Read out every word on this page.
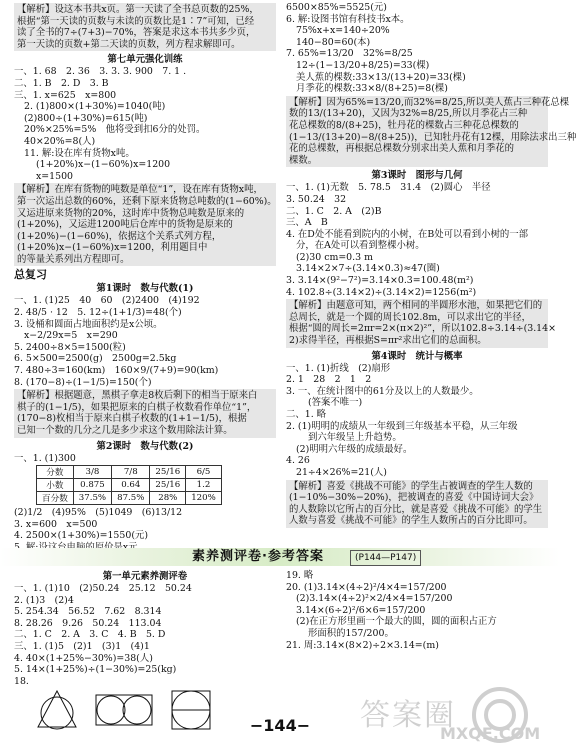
【解析】设这本书共x页。第一天读了全书总页数的25%，
根据“第一天读的页数与未读的页数比是1∶7”可知，已经
读了全书的7÷(7+3)−70%，答案是求这本书共多少页，
第一天读的页数+第二天读的页数，列方程求解即可。
第七单元强化训练
一、1. 68　2. 36　3. 3. 3. 900　7. 1 .
二、1. B　2. D　3. B
三、1. x=625　x=800
2. (1)800×(1+30%)=1040(吨)
(2)800÷(1+30%)=615(吨)
20%×25%=5%　他将受到扣6分的处罚。
40×20%=8(人)
11. 解:设在库有货物x吨。
(1+20%)x−(1−60%)x=1200
x=1500
【解析】在库有货物的吨数是单位“1”，设在库有货物x吨，
第一次运出总数的60%，还剩下原来货物总吨数的(1−60%)。
又运进原来货物的20%，这时库中货物总吨数是原来的
(1+20%)，又运进1200吨后仓库中的货物是原来的
(1+20%)−(1−60%)，依据这个关系式列方程，
(1+20%)x−(1−60%)x=1200，利用题目中
的等量关系列出方程即可。
总复习
第1课时　数与代数(1)
一、1. (1)25　40　60　(2)2400　(4)192
2. 48/5 · 12　5. 12÷(1+1/3)=48(个)
3. 设桶和圆面占地面积约是x公顷。
x−2/29x=5　x=290
5. 2400÷8×5=1500(粒)
6. 5×500=2500(g)　2500g=2.5kg
7. 480÷3=160(km)　160×9/(7+9)=90(km)
8. (170−8)÷(1−1/5)=150(个)
【解析】根据题意，黑棋子拿走8枚后剩下的相当于原来白
棋子的(1−1/5)，如果把原来的白棋子枚数看作单位“1”，
(170−8)枚相当于原来白棋子枚数的(1+1−1/5)，根据
已知一个数的几分之几是多少求这个数用除法计算。
第2课时　数与代数(2)
一、1. (1)300
分数	3/8	7/8	25/16	6/5
小数	0.875	0.64	25/16	1.2
百分数	37.5%	87.5%	28%	120%
(2)1/2　(4)95%　(5)1049　(6)13/12
3. x=600　x=500
4. 2500×(1+30%)=1550(元)
6500×85%=5525(元)
6. 解:设图书馆有科技书x本。
75%x+x=140÷20%
140−80=60(本)
7. 65%=13/20　32%=8/25
12÷(1−13/20+8/25)=33(棵)
美人蕉的棵数:33×13/(13+20)=33(棵)
月季花的棵数:33×8/(8+25)=8(棵)
【解析】因为65%=13/20,而32%=8/25,所以美人蕉占三种花总棵
数的13/(13+20)，又因为32%=8/25,所以月季花占三种
花总棵数的8/(8+25)，牡丹花的棵数占三种花总棵数的
(1−13/(13+20)−8/(8+25))，已知牡丹花有12棵，用除法求出三种
花的总棵数，再根据总棵数分别求出美人蕉和月季花的
棵数。
第3课时　图形与几何
一、1. (1)无数　5. 78.5　31.4　(2)圆心　半径
3. 50.24　32
二、1. C　2. A　(2)B
三、A　B
4. 在D处不能看到院内的小树，在B处可以看到小树的一部
分，在A处可以看到整棵小树。
(2)30 cm=0.3 m
3.14×2×7÷(3.14×0.3)≈47(圈)
3. 3.14×(9²−7²)=3.14×0.3=100.48(m²)
4. 102.8÷(3.14×2)÷(3.14×2)=1256(m²)
【解析】由题意可知，两个相同的半圆形水池，如果把它们的
总周长，就是一个圆的周长102.8m，可以求出它的半径，
根据“圆的周长=2πr=2×(π×2)²”，所以102.8÷3.14÷(3.14×
2)求得半径，再根据S=πr²求出它们的总面积。
第4课时　统计与概率
一、1. (1)折线　(2)扇形
2. 1　28　2　1　2
3. 一、在统计图中的61分及以上的人数最少。
(答案不唯一)
二、1. 略
2. (1)明明的成绩从一年级到三年级基本平稳，从三年级
到六年级呈上升趋势。
(2)明明六年级的成绩最好。
4. 26
21÷4×26%=21(人)
【解析】喜爱《挑战不可能》的学生占被调查的学生人数的
(1−10%−30%−20%)，把被调查的喜爱《中国诗词大会》
的人数除以它所占的百分比，就是喜爱《挑战不可能》的学生
人数与喜爱《挑战不可能》的学生人数所占的百分比即可。
素养测评卷·参考答案	(P144—P147)
第一单元素养测评卷
一、1. (1)10　(2)50.24　25.12　50.24
2. (1)3　(2)4
5. 254.34　56.52　7.62　8.314
8. 28.26　9.26　50.24　113.04
二、1. C　2. A　3. C　4. B　5. D
三、1. (1)5　(2)1　(3)1　(4)1
4. 40×(1+25%−30%)=38(人)
5. 14×(1+25%)÷(1−30%)=25(kg)
18.
19. 略
20. (1)3.14×(4÷2)²/4×4=157/200
(2)3.14×(4÷2)²×2/4×4=157/200
3.14×(6÷2)²/6×6=157/200
(2)在正方形里画一个最大的圆，圆的面积占正方
形面积的157/200。
21. 周:3.14×(8×2)÷2×3.14=(m)
答案圈
MXQE.COM
−144−
